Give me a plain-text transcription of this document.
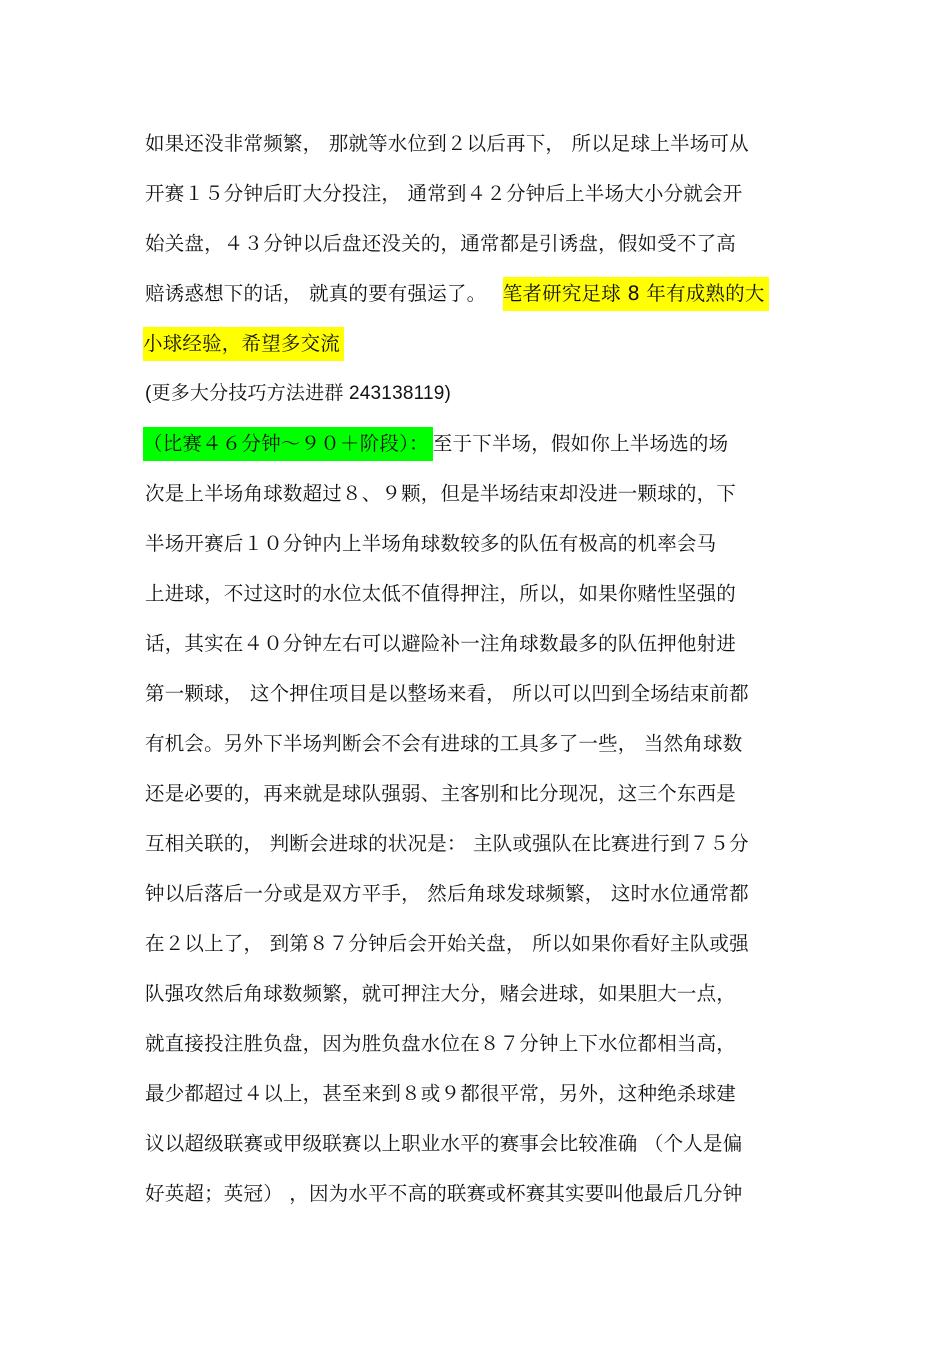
如果还没非常频繁， 那就等水位到２以后再下， 所以足球上半场可从
开赛１５分钟后盯大分投注， 通常到４２分钟后上半场大小分就会开
始关盘，４３分钟以后盘还没关的，通常都是引诱盘，假如受不了高
赔诱惑想下的话， 就真的要有强运了。 笔者研究足球 8 年有成熟的大
小球经验，希望多交流
(更多大分技巧方法进群 243138119)
（比赛４６分钟～９０＋阶段）： 至于下半场，假如你上半场选的场
次是上半场角球数超过８、９颗，但是半场结束却没进一颗球的，下
半场开赛后１０分钟内上半场角球数较多的队伍有极高的机率会马
上进球，不过这时的水位太低不值得押注，所以，如果你赌性坚强的
话，其实在４０分钟左右可以避险补一注角球数最多的队伍押他射进
第一颗球， 这个押住项目是以整场来看， 所以可以凹到全场结束前都
有机会。另外下半场判断会不会有进球的工具多了一些， 当然角球数
还是必要的，再来就是球队强弱、主客别和比分现况，这三个东西是
互相关联的， 判断会进球的状况是： 主队或强队在比赛进行到７５分
钟以后落后一分或是双方平手， 然后角球发球频繁， 这时水位通常都
在２以上了， 到第８７分钟后会开始关盘， 所以如果你看好主队或强
队强攻然后角球数频繁，就可押注大分，赌会进球，如果胆大一点，
就直接投注胜负盘，因为胜负盘水位在８７分钟上下水位都相当高，
最少都超过４以上，甚至来到８或９都很平常，另外，这种绝杀球建
议以超级联赛或甲级联赛以上职业水平的赛事会比较准确 （个人是偏
好英超；英冠） ，因为水平不高的联赛或杯赛其实要叫他最后几分钟
